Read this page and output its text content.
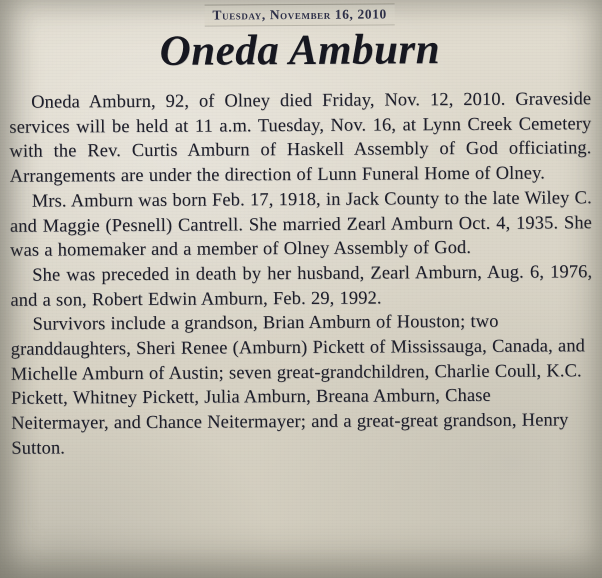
Tuesday, November 16, 2010
Oneda Amburn

Oneda Amburn, 92, of Olney died Friday, Nov. 12, 2010. Graveside services will be held at 11 a.m. Tuesday, Nov. 16, at Lynn Creek Cemetery with the Rev. Curtis Amburn of Haskell Assembly of God officiating. Arrangements are under the direction of Lunn Funeral Home of Olney.

Mrs. Amburn was born Feb. 17, 1918, in Jack County to the late Wiley C. and Maggie (Pesnell) Cantrell. She married Zearl Amburn Oct. 4, 1935. She was a homemaker and a member of Olney Assembly of God.

She was preceded in death by her husband, Zearl Amburn, Aug. 6, 1976, and a son, Robert Edwin Amburn, Feb. 29, 1992.

Survivors include a grandson, Brian Amburn of Houston; two granddaughters, Sheri Renee (Amburn) Pickett of Mississauga, Canada, and Michelle Amburn of Austin; seven great-grandchildren, Charlie Coull, K.C. Pickett, Whitney Pickett, Julia Amburn, Breana Amburn, Chase Neitermayer, and Chance Neitermayer; and a great-great grandson, Henry Sutton.
